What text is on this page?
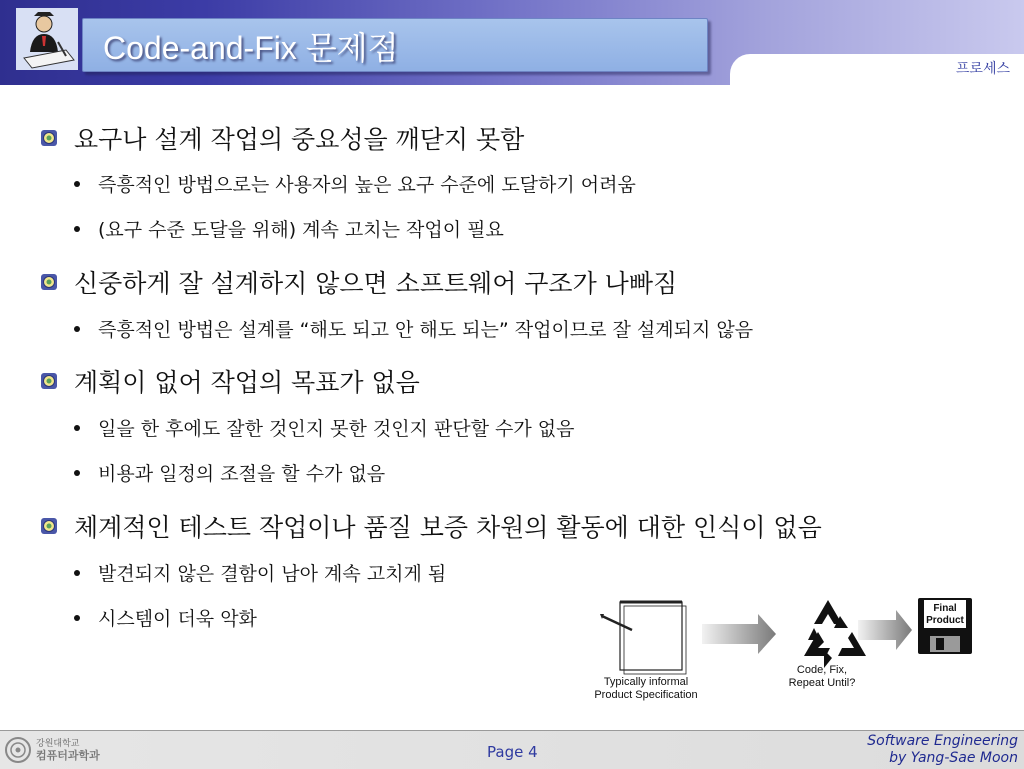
Code-and-Fix 문제점
프로세스
요구나 설계 작업의 중요성을 깨닫지 못함
즉흥적인 방법으로는 사용자의 높은 요구 수준에 도달하기 어려움
(요구 수준 도달을 위해) 계속 고치는 작업이 필요
신중하게 잘 설계하지 않으면 소프트웨어 구조가 나빠짐
즉흥적인 방법은 설계를 “해도 되고 안 해도 되는” 작업이므로 잘 설계되지 않음
계획이 없어 작업의 목표가 없음
일을 한 후에도 잘한 것인지 못한 것인지 판단할 수가 없음
비용과 일정의 조절을 할 수가 없음
체계적인 테스트 작업이나 품질 보증 차원의 활동에 대한 인식이 없음
발견되지 않은 결함이 남아 계속 고치게 됨
시스템이 더욱 악화
Typically informal
Product Specification
Code, Fix,
Repeat Until?
Final
Product
강원대학교
컴퓨터과학과	Page 4
Software Engineering
by Yang-Sae Moon
